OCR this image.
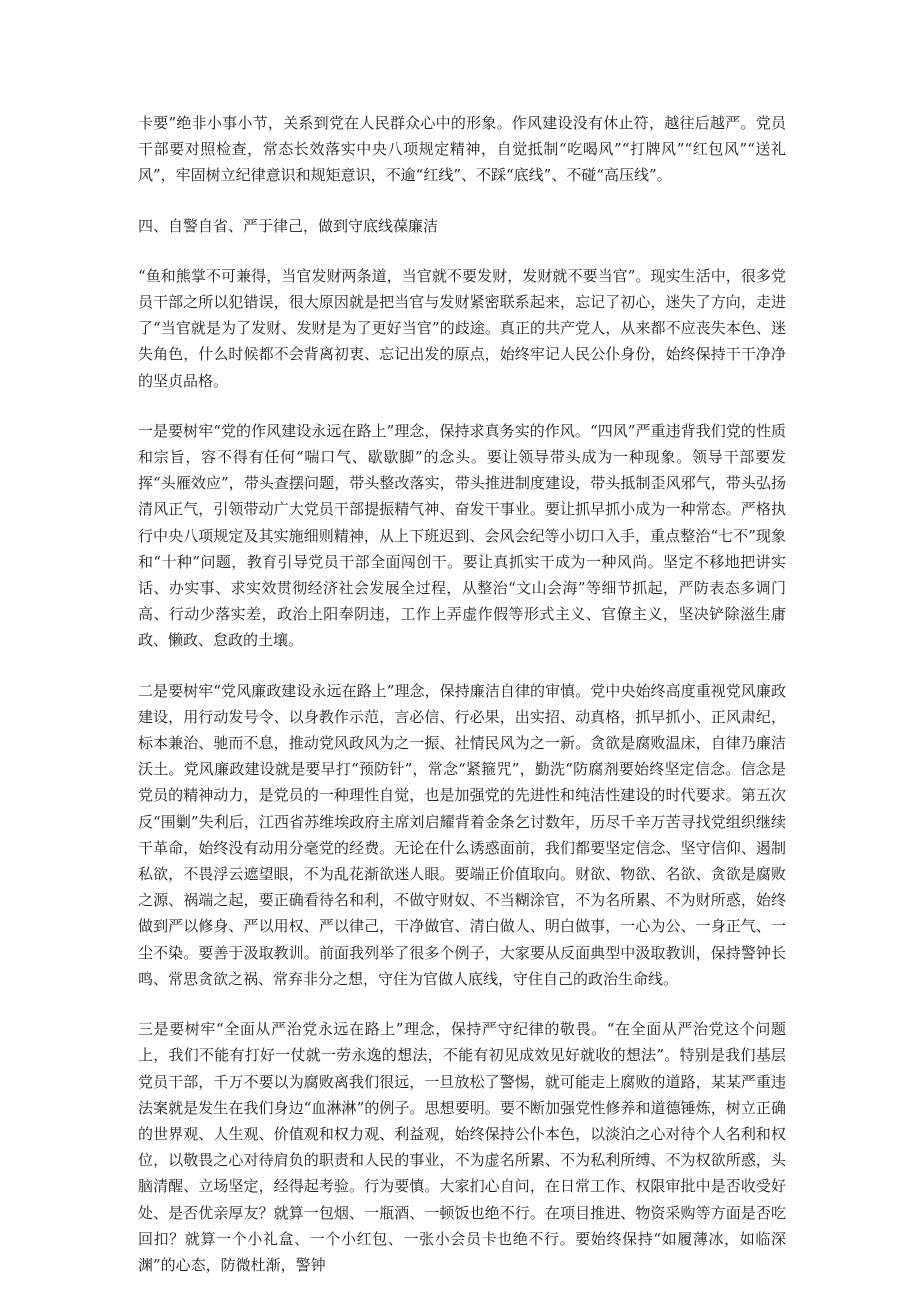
卡要”绝非小事小节，关系到党在人民群众心中的形象。作风建设没有休止符，越往后越严。党员干部要对照检查，常态长效落实中央八项规定精神，自觉抵制“吃喝风”“打牌风”“红包风”“送礼风”，牢固树立纪律意识和规矩意识，不逾“红线”、不踩“底线”、不碰“高压线”。

四、自警自省、严于律己，做到守底线葆廉洁

“鱼和熊掌不可兼得，当官发财两条道，当官就不要发财，发财就不要当官”。现实生活中，很多党员干部之所以犯错误，很大原因就是把当官与发财紧密联系起来，忘记了初心，迷失了方向，走进了“当官就是为了发财、发财是为了更好当官”的歧途。真正的共产党人，从来都不应丧失本色、迷失角色，什么时候都不会背离初衷、忘记出发的原点，始终牢记人民公仆身份，始终保持干干净净的坚贞品格。

一是要树牢“党的作风建设永远在路上”理念，保持求真务实的作风。“四风”严重违背我们党的性质和宗旨，容不得有任何“喘口气、歇歇脚”的念头。要让领导带头成为一种现象。领导干部要发挥“头雁效应”，带头查摆问题，带头整改落实，带头推进制度建设，带头抵制歪风邪气，带头弘扬清风正气，引领带动广大党员干部提振精气神、奋发干事业。要让抓早抓小成为一种常态。严格执行中央八项规定及其实施细则精神，从上下班迟到、会风会纪等小切口入手，重点整治“七不”现象和“十种”问题，教育引导党员干部全面闯创干。要让真抓实干成为一种风尚。坚定不移地把讲实话、办实事、求实效贯彻经济社会发展全过程，从整治“文山会海”等细节抓起，严防表态多调门高、行动少落实差，政治上阳奉阴违，工作上弄虚作假等形式主义、官僚主义，坚决铲除滋生庸政、懒政、怠政的土壤。

二是要树牢“党风廉政建设永远在路上”理念，保持廉洁自律的审慎。党中央始终高度重视党风廉政建设，用行动发号令、以身教作示范，言必信、行必果，出实招、动真格，抓早抓小、正风肃纪，标本兼治、驰而不息，推动党风政风为之一振、社情民风为之一新。贪欲是腐败温床，自律乃廉洁沃土。党风廉政建设就是要早打“预防针”，常念“紧箍咒”，勤洗“防腐剂要始终坚定信念。信念是党员的精神动力，是党员的一种理性自觉，也是加强党的先进性和纯洁性建设的时代要求。第五次反“围剿”失利后，江西省苏维埃政府主席刘启耀背着金条乞讨数年，历尽千辛万苦寻找党组织继续干革命，始终没有动用分毫党的经费。无论在什么诱惑面前，我们都要坚定信念、坚守信仰、遏制私欲，不畏浮云遮望眼，不为乱花渐欲迷人眼。要端正价值取向。财欲、物欲、名欲、贪欲是腐败之源、祸端之起，要正确看待名和利，不做守财奴、不当糊涂官，不为名所累、不为财所惑，始终做到严以修身、严以用权、严以律己，干净做官、清白做人、明白做事，一心为公、一身正气、一尘不染。要善于汲取教训。前面我列举了很多个例子，大家要从反面典型中汲取教训，保持警钟长鸣、常思贪欲之祸、常弃非分之想，守住为官做人底线，守住自己的政治生命线。

三是要树牢“全面从严治党永远在路上”理念，保持严守纪律的敬畏。“在全面从严治党这个问题上，我们不能有打好一仗就一劳永逸的想法，不能有初见成效见好就收的想法”。特别是我们基层党员干部，千万不要以为腐败离我们很远，一旦放松了警惕，就可能走上腐败的道路，某某严重违法案就是发生在我们身边“血淋淋”的例子。思想要明。要不断加强党性修养和道德锤炼，树立正确的世界观、人生观、价值观和权力观、利益观，始终保持公仆本色，以淡泊之心对待个人名利和权位，以敬畏之心对待肩负的职责和人民的事业，不为虚名所累、不为私利所缚、不为权欲所惑，头脑清醒、立场坚定，经得起考验。行为要慎。大家扪心自问，在日常工作、权限审批中是否收受好处、是否优亲厚友？就算一包烟、一瓶酒、一顿饭也绝不行。在项目推进、物资采购等方面是否吃回扣？就算一个小礼盒、一个小红包、一张小会员卡也绝不行。要始终保持“如履薄冰，如临深渊”的心态，防微杜渐，警钟
